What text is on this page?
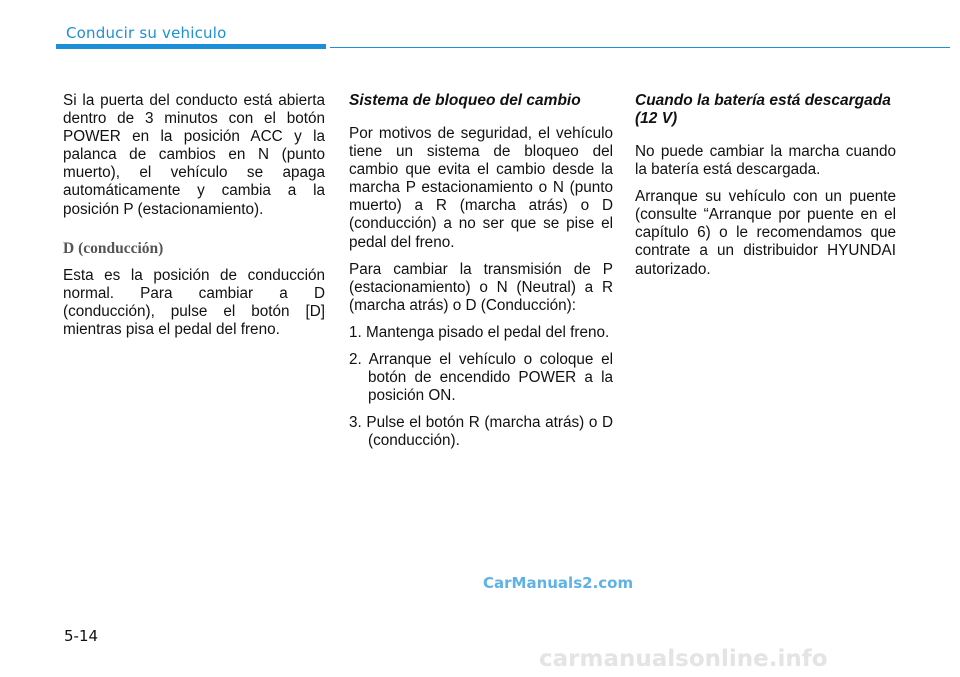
Conducir su vehiculo

Si la puerta del conducto está abierta dentro de 3 minutos con el botón POWER en la posición ACC y la palanca de cambios en N (punto muerto), el vehículo se apaga automáticamente y cambia a la posición P (estacionamiento).

D (conducción)

Esta es la posición de conducción normal. Para cambiar a D (conducción), pulse el botón [D] mientras pisa el pedal del freno.

Sistema de bloqueo del cambio

Por motivos de seguridad, el vehículo tiene un sistema de bloqueo del cambio que evita el cambio desde la marcha P estacionamiento o N (punto muerto) a R (marcha atrás) o D (conducción) a no ser que se pise el pedal del freno.

Para cambiar la transmisión de P (estacionamiento) o N (Neutral) a R (marcha atrás) o D (Conducción):

1. Mantenga pisado el pedal del freno.

2. Arranque el vehículo o coloque el botón de encendido POWER a la posición ON.

3. Pulse el botón R (marcha atrás) o D (conducción).

Cuando la batería está descargada (12 V)

No puede cambiar la marcha cuando la batería está descargada.

Arranque su vehículo con un puente (consulte “Arranque por puente en el capítulo 6) o le recomendamos que contrate a un distribuidor HYUNDAI autorizado.

CarManuals2.com
5-14
carmanualsonline.info
